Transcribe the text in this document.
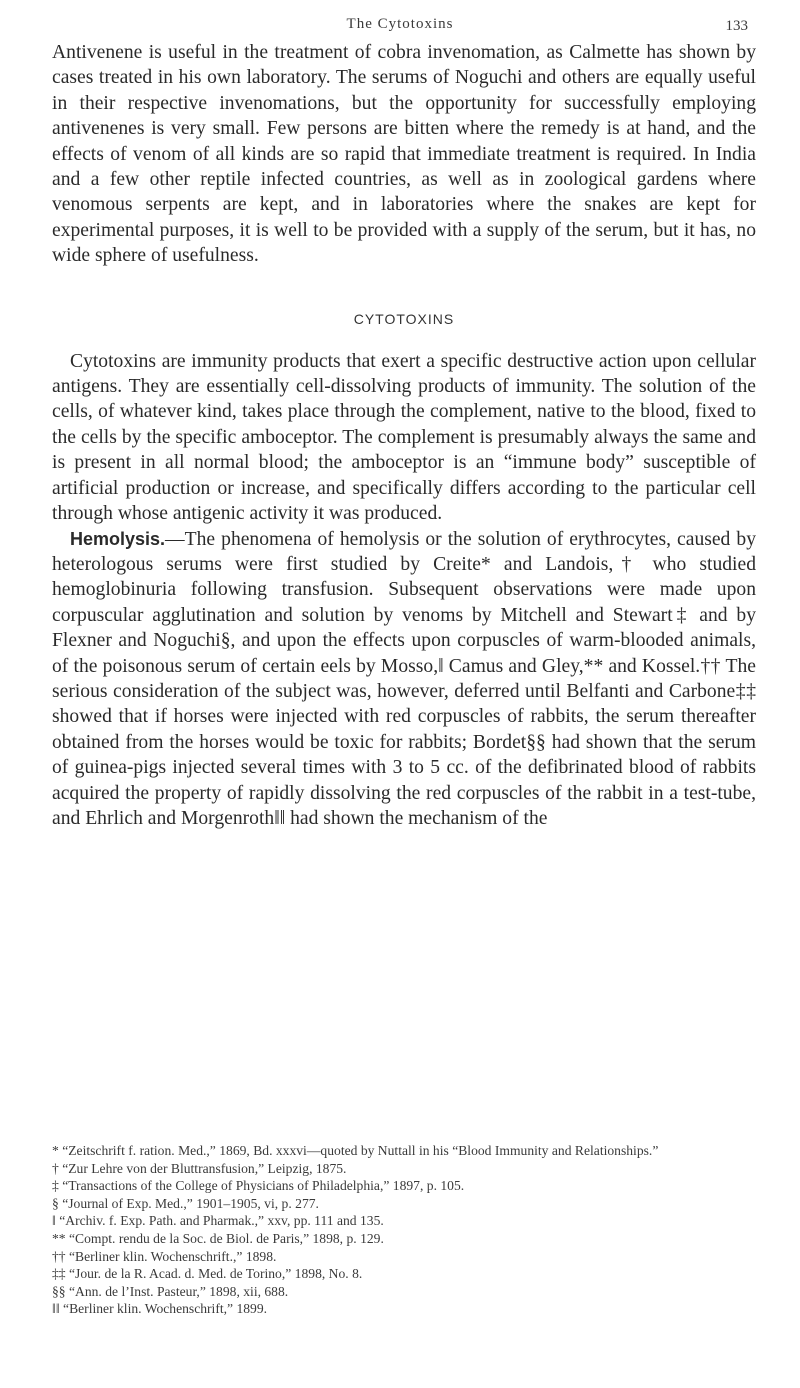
The Cytotoxins	133

Antivenene is useful in the treatment of cobra invenomation, as Calmette has shown by cases treated in his own laboratory. The serums of Noguchi and others are equally useful in their respective invenomations, but the opportunity for successfully employing antivenenes is very small. Few persons are bitten where the remedy is at hand, and the effects of venom of all kinds are so rapid that immediate treatment is required. In India and a few other reptile infected countries, as well as in zoological gardens where venomous serpents are kept, and in laboratories where the snakes are kept for experimental purposes, it is well to be provided with a supply of the serum, but it has, no wide sphere of usefulness.

CYTOTOXINS

Cytotoxins are immunity products that exert a specific destructive action upon cellular antigens. They are essentially cell-dissolving products of immunity. The solution of the cells, of whatever kind, takes place through the complement, native to the blood, fixed to the cells by the specific amboceptor. The complement is presumably always the same and is present in all normal blood; the amboceptor is an “immune body” susceptible of artificial production or increase, and specifically differs according to the particular cell through whose antigenic activity it was produced.

Hemolysis.—The phenomena of hemolysis or the solution of erythrocytes, caused by heterologous serums were first studied by Creite* and Landois,† who studied hemoglobinuria following transfusion. Subsequent observations were made upon corpuscular agglutination and solution by venoms by Mitchell and Stewart‡ and by Flexner and Noguchi§, and upon the effects upon corpuscles of warm-blooded animals, of the poisonous serum of certain eels by Mosso,‖ Camus and Gley,** and Kossel.†† The serious consideration of the subject was, however, deferred until Belfanti and Carbone‡‡ showed that if horses were injected with red corpuscles of rabbits, the serum thereafter obtained from the horses would be toxic for rabbits; Bordet§§ had shown that the serum of guinea-pigs injected several times with 3 to 5 cc. of the defibrinated blood of rabbits acquired the property of rapidly dissolving the red corpuscles of the rabbit in a test-tube, and Ehrlich and Morgenroth‖‖ had shown the mechanism of the

* “Zeitschrift f. ration. Med.,” 1869, Bd. xxxvi—quoted by Nuttall in his “Blood Immunity and Relationships.”

† “Zur Lehre von der Bluttransfusion,” Leipzig, 1875.

‡ “Transactions of the College of Physicians of Philadelphia,” 1897, p. 105.

§ “Journal of Exp. Med.,” 1901–1905, vi, p. 277.

‖ “Archiv. f. Exp. Path. and Pharmak.,” xxv, pp. 111 and 135.

** “Compt. rendu de la Soc. de Biol. de Paris,” 1898, p. 129.

†† “Berliner klin. Wochenschrift.,” 1898.

‡‡ “Jour. de la R. Acad. d. Med. de Torino,” 1898, No. 8.

§§ “Ann. de l’Inst. Pasteur,” 1898, xii, 688.

‖‖ “Berliner klin. Wochenschrift,” 1899.
